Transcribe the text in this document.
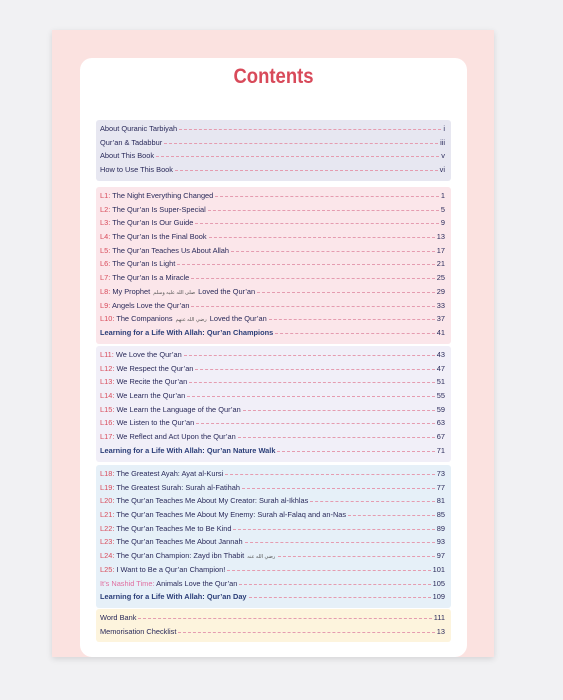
Contents
About Quranic Tarbiyah	i
Qur’an & Tadabbur	iii
About This Book	v
How to Use This Book	vi
L1: The Night Everything Changed	1
L2: The Qur’an Is Super-Special	5
L3: The Qur’an Is Our Guide	9
L4: The Qur’an Is the Final Book	13
L5: The Qur’an Teaches Us About Allah	17
L6: The Qur’an Is Light	21
L7: The Qur’an Is a Miracle	25
L8: My Prophet صلى الله عليه وسلم Loved the Qur’an	29
L9: Angels Love the Qur’an	33
L10: The Companions رضي الله عنهم Loved the Qur’an	37
Learning for a Life With Allah: Qur’an Champions	41
L11: We Love the Qur’an	43
L12: We Respect the Qur’an	47
L13: We Recite the Qur’an	51
L14: We Learn the Qur’an	55
L15: We Learn the Language of the Qur’an	59
L16: We Listen to the Qur’an	63
L17: We Reflect and Act Upon the Qur’an	67
Learning for a Life With Allah: Qur’an Nature Walk	71
L18: The Greatest Ayah: Ayat al-Kursi	73
L19: The Greatest Surah: Surah al-Fatihah	77
L20: The Qur’an Teaches Me About My Creator: Surah al-Ikhlas	81
L21: The Qur’an Teaches Me About My Enemy: Surah al-Falaq and an-Nas	85
L22: The Qur’an Teaches Me to Be Kind	89
L23: The Qur’an Teaches Me About Jannah	93
L24: The Qur’an Champion: Zayd ibn Thabit رضي الله عنه	97
L25: I Want to Be a Qur’an Champion!	101
It’s Nashid Time: Animals Love the Qur’an	105
Learning for a Life With Allah: Qur’an Day	109
Word Bank	111
Memorisation Checklist	13
